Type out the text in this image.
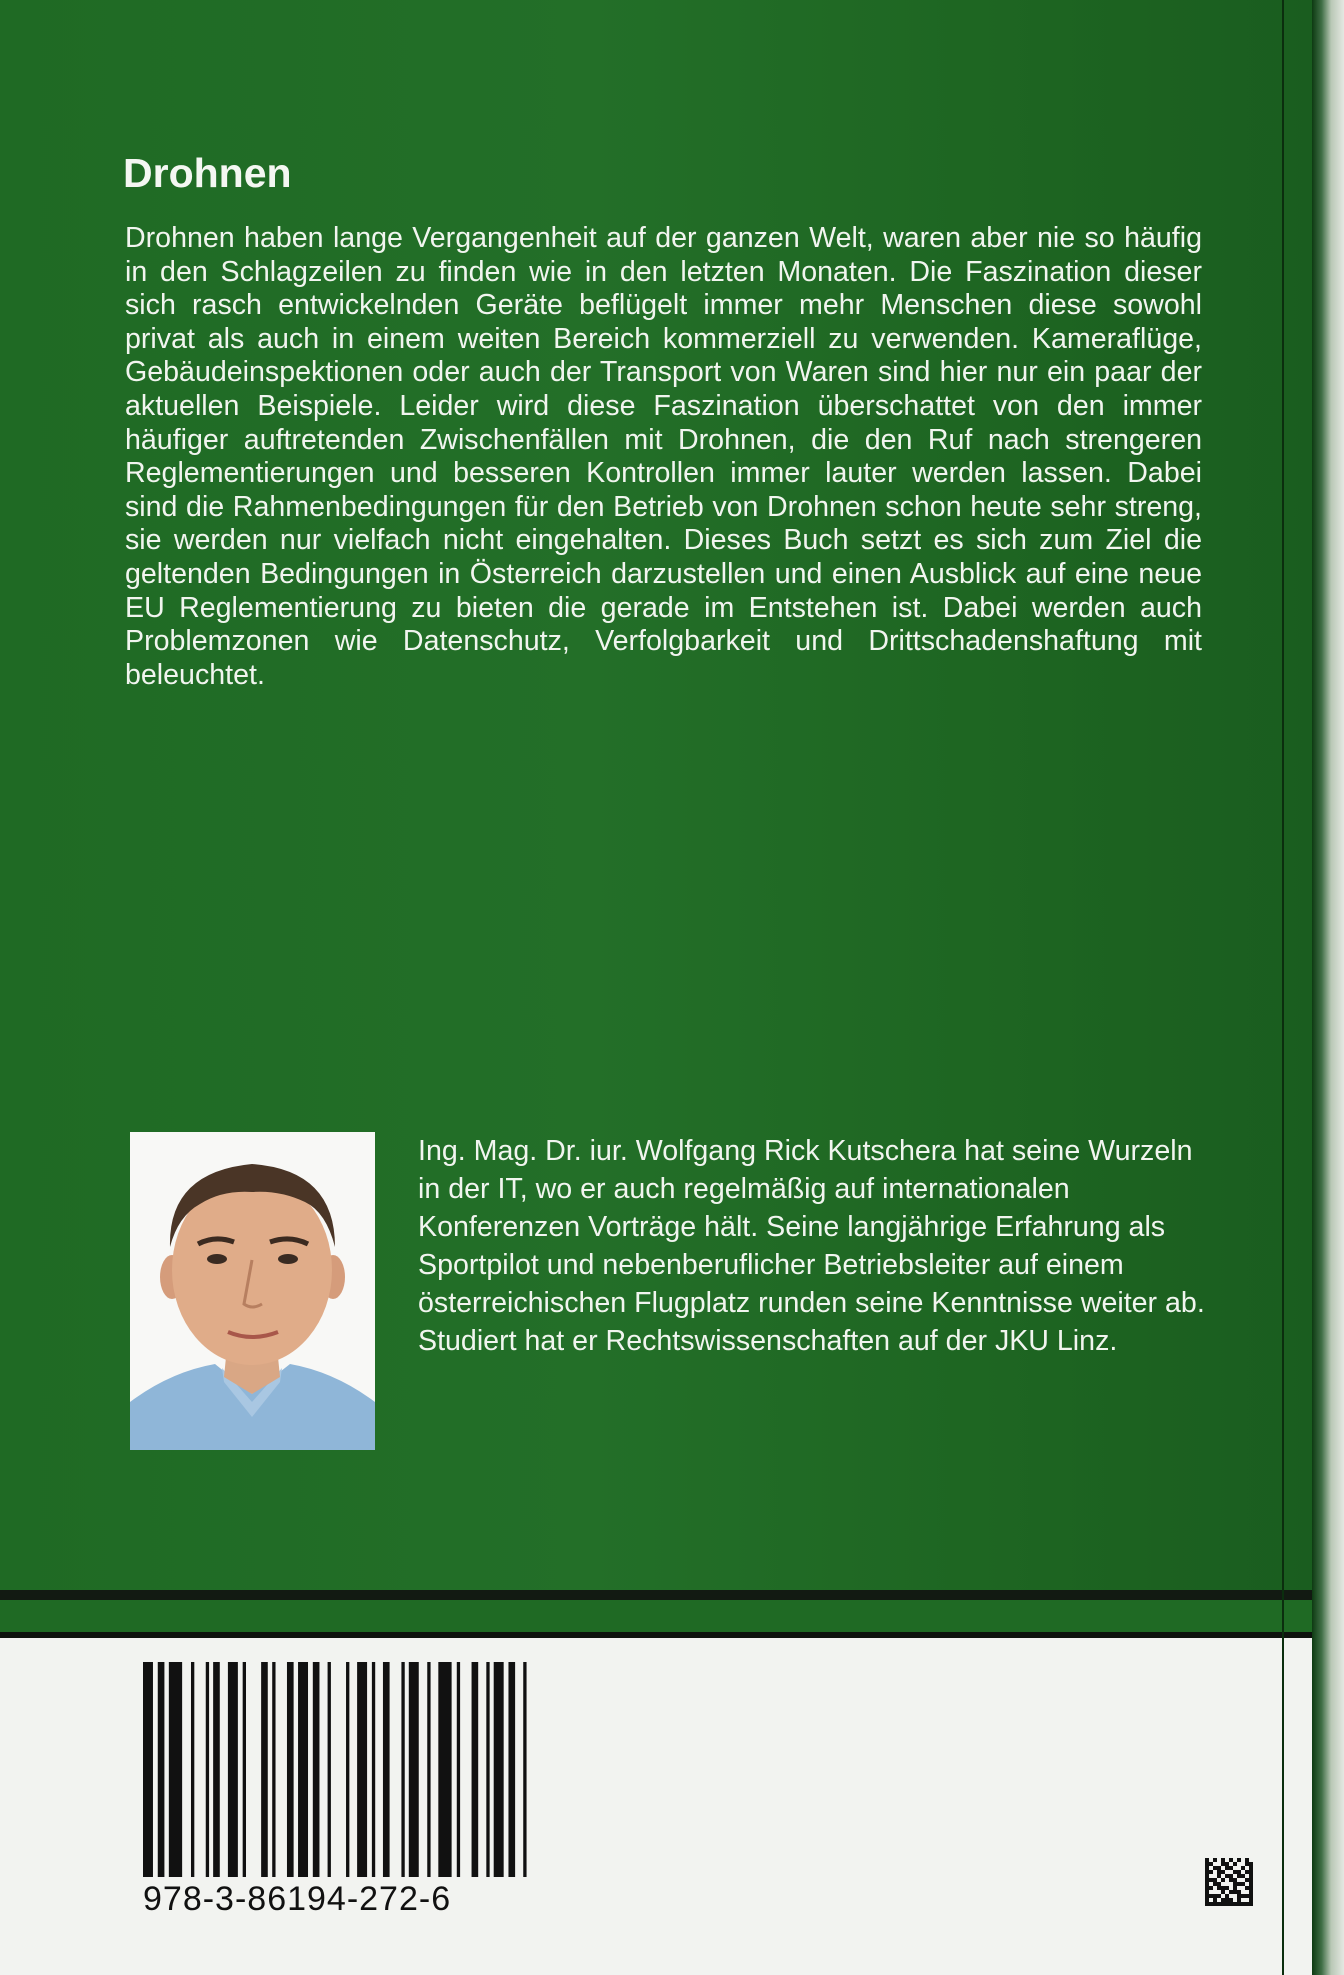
Drohnen

Drohnen haben lange Vergangenheit auf der ganzen Welt, waren aber nie so häufig in den Schlagzeilen zu finden wie in den letzten Monaten. Die Faszination dieser sich rasch entwickelnden Geräte beflügelt immer mehr Menschen diese sowohl privat als auch in einem weiten Bereich kommerziell zu verwenden. Kameraflüge, Gebäudeinspektionen oder auch der Transport von Waren sind hier nur ein paar der aktuellen Beispiele. Leider wird diese Faszination überschattet von den immer häufiger auftretenden Zwischenfällen mit Drohnen, die den Ruf nach strengeren Reglementierungen und besseren Kontrollen immer lauter werden lassen. Dabei sind die Rahmenbedingungen für den Betrieb von Drohnen schon heute sehr streng, sie werden nur vielfach nicht eingehalten. Dieses Buch setzt es sich zum Ziel die geltenden Bedingungen in Österreich darzustellen und einen Ausblick auf eine neue EU Reglementierung zu bieten die gerade im Entstehen ist. Dabei werden auch Problemzonen wie Datenschutz, Verfolgbarkeit und Drittschadenshaftung mit beleuchtet.

Ing. Mag. Dr. iur. Wolfgang Rick Kutschera hat seine Wurzeln in der IT, wo er auch regelmäßig auf internationalen Konferenzen Vorträge hält. Seine langjährige Erfahrung als Sportpilot und nebenberuflicher Betriebsleiter auf einem österreichischen Flugplatz runden seine Kenntnisse weiter ab. Studiert hat er Rechtswissenschaften auf der JKU Linz.

978-3-86194-272-6
